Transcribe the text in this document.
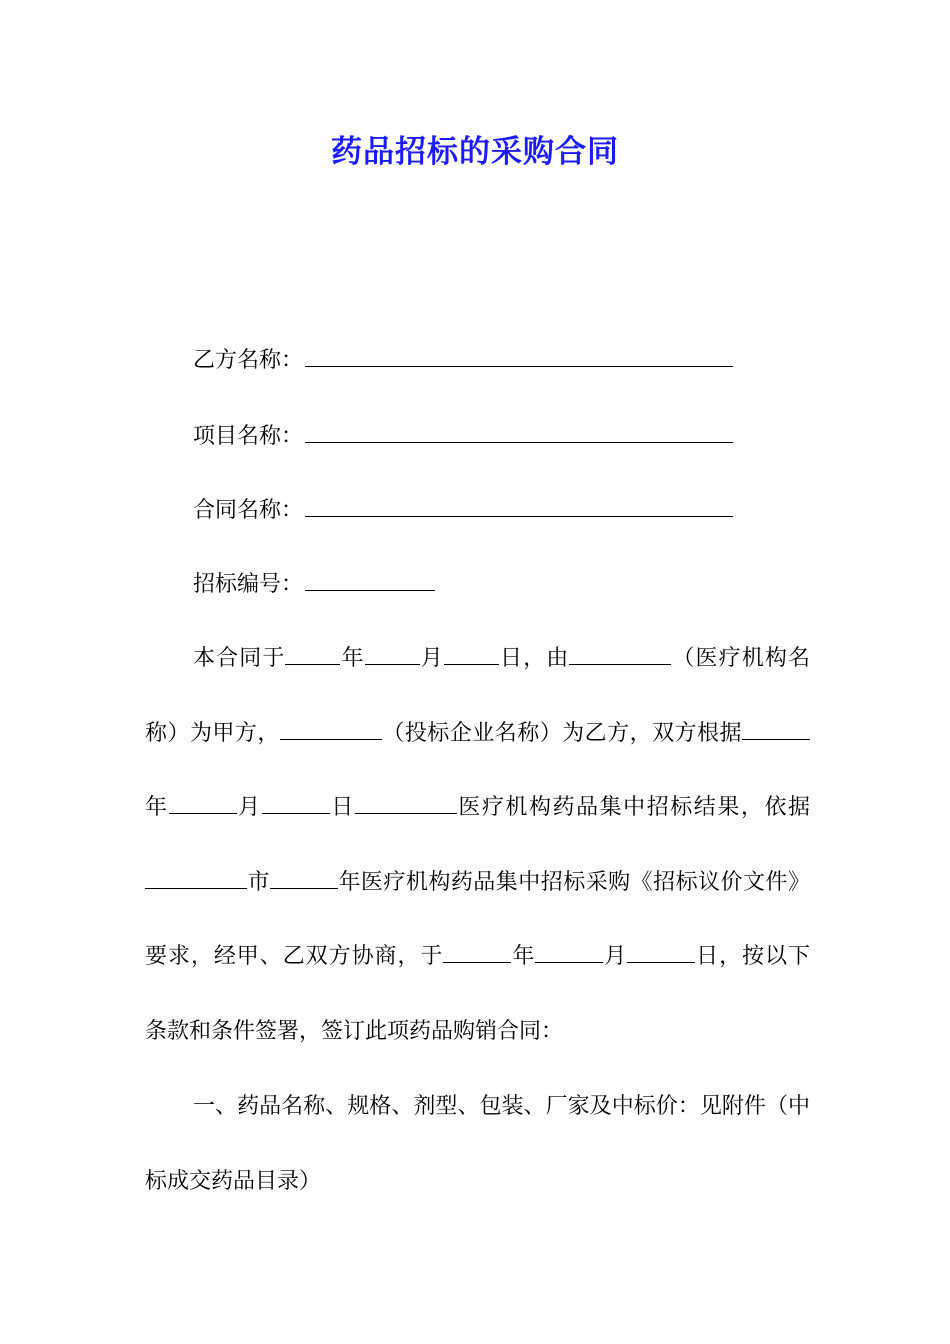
药品招标的采购合同
乙方名称：
项目名称：
合同名称：
招标编号：

本合同于	年	月	日，由	（医疗机构名称）为甲方，	（投标企业名称）为乙方，双方根据年	月	日	医疗机构药品集中招标结果，依据市	年医疗机构药品集中招标采购《招标议价文件》要求，经甲、乙双方协商，于	年	月	日，按以下条款和条件签署，签订此项药品购销合同：

一、药品名称、规格、剂型、包装、厂家及中标价：见附件（中标成交药品目录）
